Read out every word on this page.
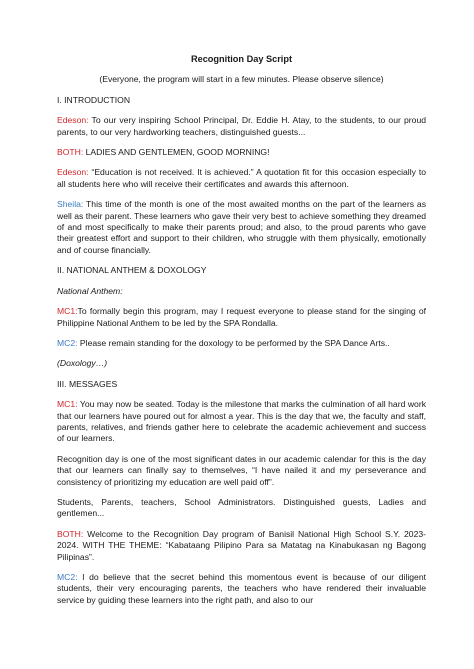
Recognition Day Script
(Everyone, the program will start in a few minutes. Please observe silence)
I. INTRODUCTION

Edeson: To our very inspiring School Principal, Dr. Eddie H. Atay, to the students, to our proud parents, to our very hardworking teachers, distinguished guests...

BOTH: LADIES AND GENTLEMEN, GOOD MORNING!

Edeson: “Education is not received. It is achieved.” A quotation fit for this occasion especially to all students here who will receive their certificates and awards this afternoon.

Sheila: This time of the month is one of the most awaited months on the part of the learners as well as their parent. These learners who gave their very best to achieve something they dreamed of and most specifically to make their parents proud; and also, to the proud parents who gave their greatest effort and support to their children, who struggle with them physically, emotionally and of course financially.

II. NATIONAL ANTHEM & DOXOLOGY

National Anthem:

MC1:To formally begin this program, may I request everyone to please stand for the singing of Philippine National Anthem to be led by the SPA Rondalla.

MC2: Please remain standing for the doxology to be performed by the SPA Dance Arts..

(Doxology…)

III. MESSAGES

MC1: You may now be seated. Today is the milestone that marks the culmination of all hard work that our learners have poured out for almost a year. This is the day that we, the faculty and staff, parents, relatives, and friends gather here to celebrate the academic achievement and success of our learners.

Recognition day is one of the most significant dates in our academic calendar for this is the day that our learners can finally say to themselves, “I have nailed it and my perseverance and consistency of prioritizing my education are well paid off”.

Students, Parents, teachers, School Administrators. Distinguished guests, Ladies and gentlemen...

BOTH: Welcome to the Recognition Day program of Banisil National High School S.Y. 2023-2024. WITH THE THEME: “Kabataang Pilipino Para sa Matatag na Kinabukasan ng Bagong Pilipinas”.

MC2: I do believe that the secret behind this momentous event is because of our diligent students, their very encouraging parents, the teachers who have rendered their invaluable service by guiding these learners into the right path, and also to our
